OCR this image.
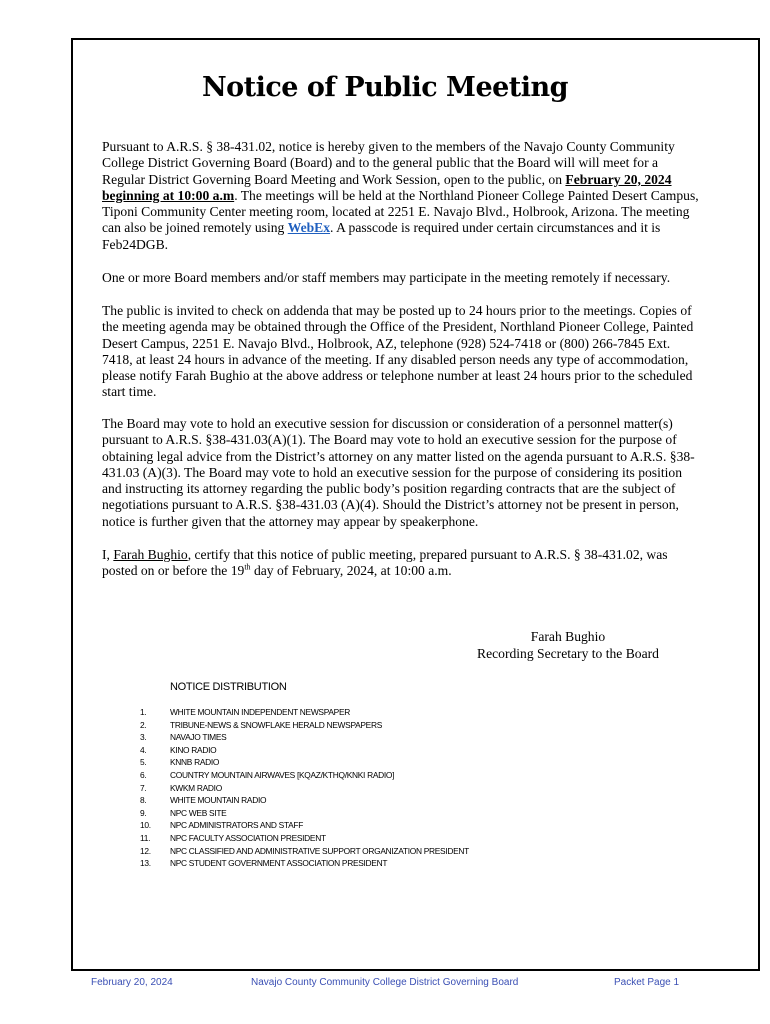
Notice of Public Meeting

Pursuant to A.R.S. § 38-431.02, notice is hereby given to the members of the Navajo County Community College District Governing Board (Board) and to the general public that the Board will will meet for a Regular District Governing Board Meeting and Work Session, open to the public, on February 20, 2024 beginning at 10:00 a.m. The meetings will be held at the Northland Pioneer College Painted Desert Campus, Tiponi Community Center meeting room, located at 2251 E. Navajo Blvd., Holbrook, Arizona. The meeting can also be joined remotely using WebEx. A passcode is required under certain circumstances and it is Feb24DGB.

One or more Board members and/or staff members may participate in the meeting remotely if necessary.

The public is invited to check on addenda that may be posted up to 24 hours prior to the meetings. Copies of the meeting agenda may be obtained through the Office of the President, Northland Pioneer College, Painted Desert Campus, 2251 E. Navajo Blvd., Holbrook, AZ, telephone (928) 524-7418 or (800) 266-7845 Ext. 7418, at least 24 hours in advance of the meeting. If any disabled person needs any type of accommodation, please notify Farah Bughio at the above address or telephone number at least 24 hours prior to the scheduled start time.

The Board may vote to hold an executive session for discussion or consideration of a personnel matter(s) pursuant to A.R.S. §38-431.03(A)(1). The Board may vote to hold an executive session for the purpose of obtaining legal advice from the District’s attorney on any matter listed on the agenda pursuant to A.R.S. §38-431.03 (A)(3). The Board may vote to hold an executive session for the purpose of considering its position and instructing its attorney regarding the public body’s position regarding contracts that are the subject of negotiations pursuant to A.R.S. §38-431.03 (A)(4). Should the District’s attorney not be present in person, notice is further given that the attorney may appear by speakerphone.

I, Farah Bughio, certify that this notice of public meeting, prepared pursuant to A.R.S. § 38-431.02, was posted on or before the 19th day of February, 2024, at 10:00 a.m.

Farah Bughio
Recording Secretary to the Board
NOTICE DISTRIBUTION
1.	WHITE MOUNTAIN INDEPENDENT NEWSPAPER
2.	TRIBUNE-NEWS & SNOWFLAKE HERALD NEWSPAPERS
3.	NAVAJO TIMES
4.	KINO RADIO
5.	KNNB RADIO
6.	COUNTRY MOUNTAIN AIRWAVES [KQAZ/KTHQ/KNKI RADIO]
7.	KWKM RADIO
8.	WHITE MOUNTAIN RADIO
9.	NPC WEB SITE
10.	NPC ADMINISTRATORS AND STAFF
11.	NPC FACULTY ASSOCIATION PRESIDENT
12.	NPC CLASSIFIED AND ADMINISTRATIVE SUPPORT ORGANIZATION PRESIDENT
13.	NPC STUDENT GOVERNMENT ASSOCIATION PRESIDENT
February 20, 2024	Navajo County Community College District Governing Board	Packet Page 1
